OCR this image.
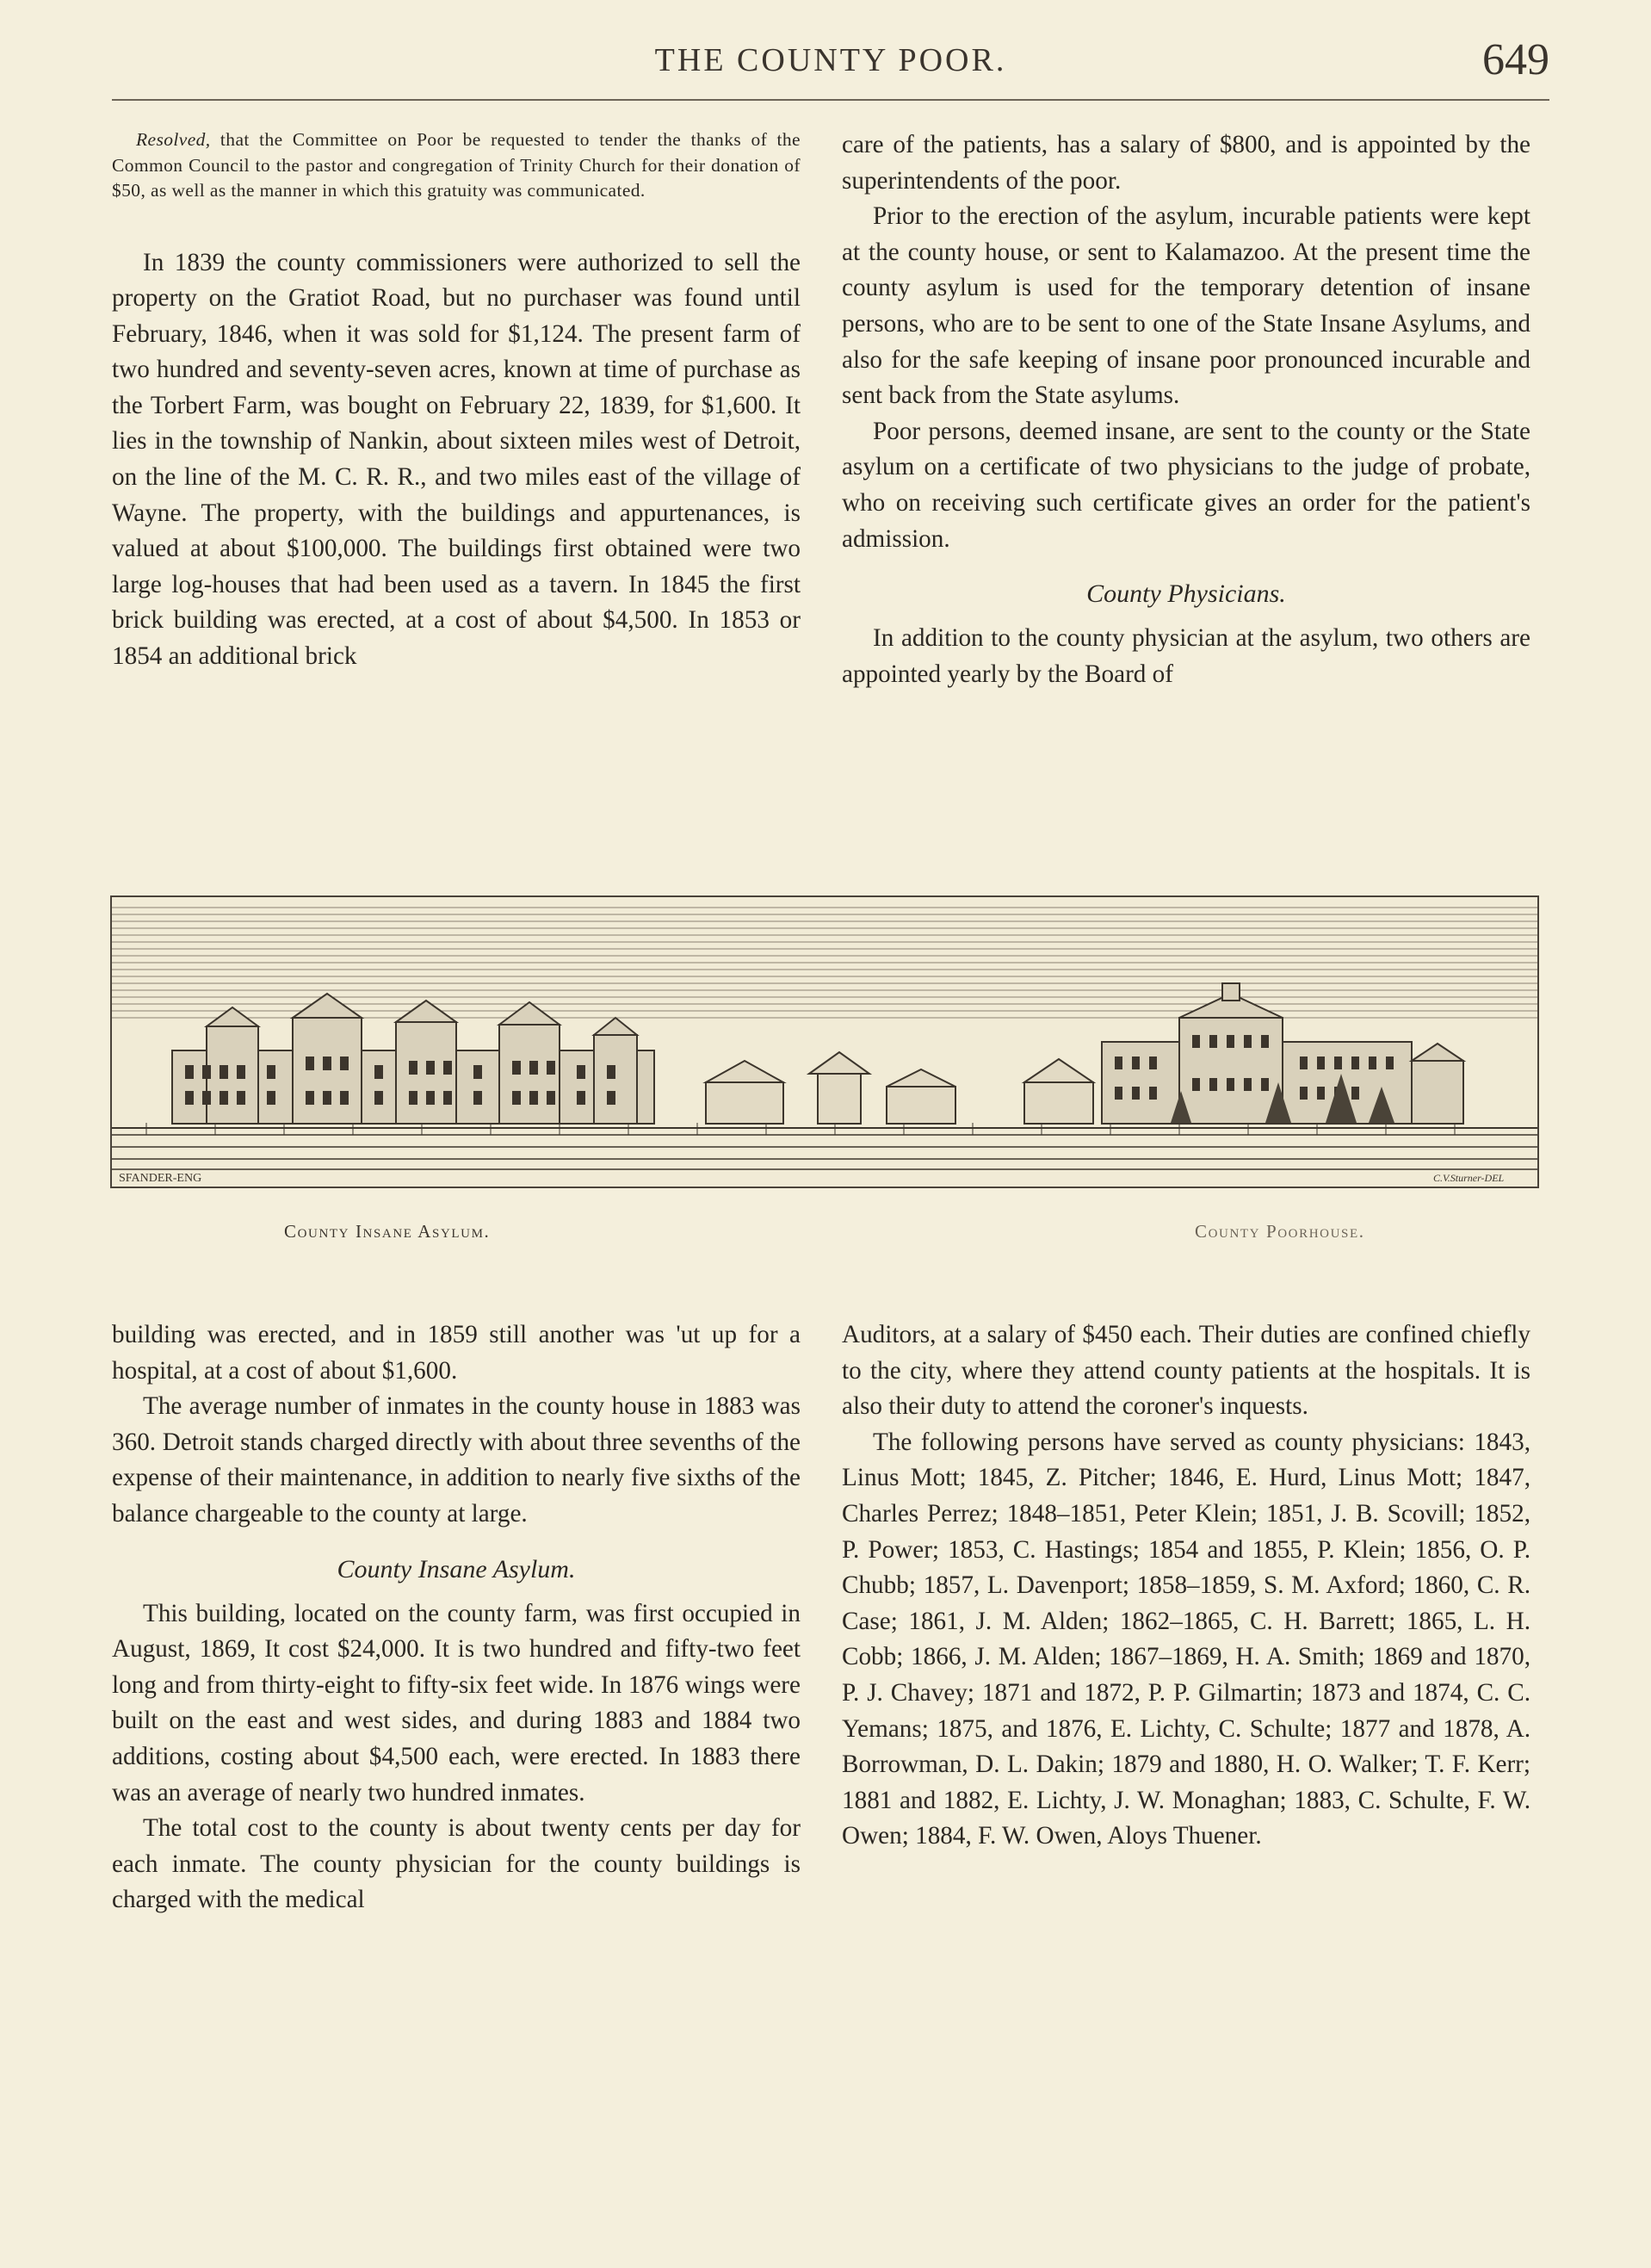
THE COUNTY POOR.	649

Resolved, that the Committee on Poor be requested to tender the thanks of the Common Council to the pastor and congregation of Trinity Church for their donation of $50, as well as the manner in which this gratuity was communicated.

In 1839 the county commissioners were authorized to sell the property on the Gratiot Road, but no purchaser was found until February, 1846, when it was sold for $1,124. The present farm of two hundred and seventy-seven acres, known at time of purchase as the Torbert Farm, was bought on February 22, 1839, for $1,600. It lies in the township of Nankin, about sixteen miles west of Detroit, on the line of the M. C. R. R., and two miles east of the village of Wayne. The property, with the buildings and appurtenances, is valued at about $100,000. The buildings first obtained were two large log-houses that had been used as a tavern. In 1845 the first brick building was erected, at a cost of about $4,500. In 1853 or 1854 an additional brick

care of the patients, has a salary of $800, and is appointed by the superintendents of the poor.

Prior to the erection of the asylum, incurable patients were kept at the county house, or sent to Kalamazoo. At the present time the county asylum is used for the temporary detention of insane persons, who are to be sent to one of the State Insane Asylums, and also for the safe keeping of insane poor pronounced incurable and sent back from the State asylums.

Poor persons, deemed insane, are sent to the county or the State asylum on a certificate of two physicians to the judge of probate, who on receiving such certificate gives an order for the patient's admission.

County Physicians.

In addition to the county physician at the asylum, two others are appointed yearly by the Board of

SFANDER-ENG	C.V.Sturner-DEL
County Insane Asylum.	County Poorhouse.

building was erected, and in 1859 still another was 'ut up for a hospital, at a cost of about $1,600.

The average number of inmates in the county house in 1883 was 360. Detroit stands charged directly with about three sevenths of the expense of their maintenance, in addition to nearly five sixths of the balance chargeable to the county at large.

County Insane Asylum.

This building, located on the county farm, was first occupied in August, 1869, It cost $24,000. It is two hundred and fifty-two feet long and from thirty-eight to fifty-six feet wide. In 1876 wings were built on the east and west sides, and during 1883 and 1884 two additions, costing about $4,500 each, were erected. In 1883 there was an average of nearly two hundred inmates.

The total cost to the county is about twenty cents per day for each inmate. The county physician for the county buildings is charged with the medical

Auditors, at a salary of $450 each. Their duties are confined chiefly to the city, where they attend county patients at the hospitals. It is also their duty to attend the coroner's inquests.

The following persons have served as county physicians: 1843, Linus Mott; 1845, Z. Pitcher; 1846, E. Hurd, Linus Mott; 1847, Charles Perrez; 1848–1851, Peter Klein; 1851, J. B. Scovill; 1852, P. Power; 1853, C. Hastings; 1854 and 1855, P. Klein; 1856, O. P. Chubb; 1857, L. Davenport; 1858–1859, S. M. Axford; 1860, C. R. Case; 1861, J. M. Alden; 1862–1865, C. H. Barrett; 1865, L. H. Cobb; 1866, J. M. Alden; 1867–1869, H. A. Smith; 1869 and 1870, P. J. Chavey; 1871 and 1872, P. P. Gilmartin; 1873 and 1874, C. C. Yemans; 1875, and 1876, E. Lichty, C. Schulte; 1877 and 1878, A. Borrowman, D. L. Dakin; 1879 and 1880, H. O. Walker; T. F. Kerr; 1881 and 1882, E. Lichty, J. W. Monaghan; 1883, C. Schulte, F. W. Owen; 1884, F. W. Owen, Aloys Thuener.
